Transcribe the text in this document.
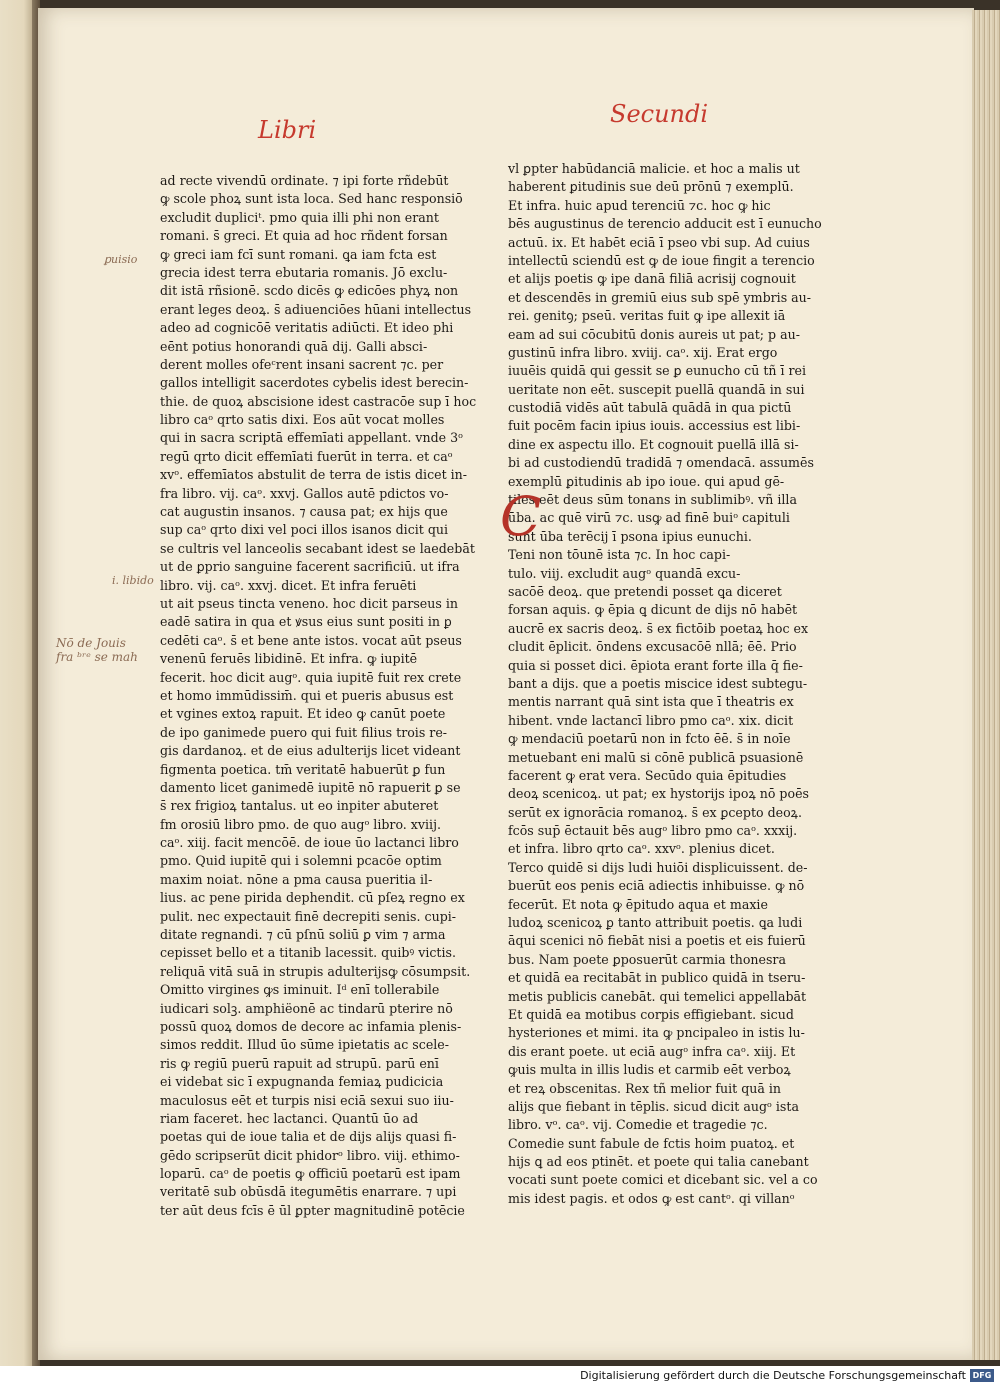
Libri
Secundi
ad recte vivendū ordinate. ⁊ ipi forte rñdebūt
ꝙ scole phoꝝ sunt ista loca. Sed hanc responsiō
excludit dupliciᵗ. pmo quia illi phi non erant
romani. s̄ greci. Et quia ad hoc rñdent forsan
ꝙ greci iam fcī sunt romani. ꝗa iam fcta est
grecia idest terra ebutaria romanis. Jō exclu-
dit istā rñsionē. scdo dicēs ꝙ edicōes phyꝝ non
erant leges deoꝝ. s̄ adiuenciōes hūani intellectus
adeo ad cognicōē veritatis adiūcti. Et ideo phi
eēnt potius honorandi quā dij. Galli absci-
derent molles ofeᶜrent insani sacrent ⁊c. per
gallos intelligit sacerdotes cybelis idest berecin-
thie. de quoꝝ abscisione idest castracōe sup ī hoc
libro caᵒ qrto satis dixi. Eos aūt vocat molles
qui in sacra scriptā effemīati appellant. vnde 3ᵒ
regū qrto dicit effemīati fuerūt in terra. et caᵒ
xvᵒ. effemīatos abstulit de terra de istis dicet in-
fra libro. vij. caᵒ. xxvj. Gallos autē pdictos vo-
cat augustin insanos. ⁊ causa pat; ex hijs que
sup caᵒ qrto dixi vel poci illos isanos dicit qui
se cultris vel lanceolis secabant idest se laedebāt
ut de ꝑprio sanguine facerent sacrificiū. ut ifra
libro. vij. caᵒ. xxvj. dicet. Et infra feruēti
ut ait pseus tincta veneno. hoc dicit parseus in
eadē satira in qua et ꝟsus eius sunt positi in ꝑ
cedēti caᵒ. s̄ et bene ante istos. vocat aūt pseus
venenū feruēs libidinē. Et infra. ꝙ iupitē
fecerit. hoc dicit augᵒ. quia iupitē fuit rex crete
et homo immūdissim̄. qui et pueris abusus est
et vgines extoꝝ rapuit. Et ideo ꝙ canūt poete
de ipo ganimede puero qui fuit filius trois re-
gis dardanoꝝ. et de eius adulterijs licet videant
figmenta poetica. tm̄ veritatē habuerūt ꝑ fun
damento licet ganimedē iupitē nō rapuerit ꝑ se
s̄ rex frigioꝝ tantalus. ut eo inpiter abuteret
fm orosiū libro pmo. de quo augᵒ libro. xviij.
caᵒ. xiij. facit mencōē. de ioue ūo lactanci libro
pmo. Quid iupitē qui i solemni pcacōe optim
maxim noiat. nōne a pma causa pueritia il-
lius. ac pene pirida dephendit. cū pſeꝝ regno ex
pulit. nec expectauit finē decrepiti senis. cupi-
ditate regnandi. ⁊ cū pſnū soliū ꝑ vim ⁊ arma
cepisset bello et a titanib lacessit. quibꝰ victis.
reliquā vitā suā in strupis adulterijsꝙ cōsumpsit.
Omitto virgines ꝙs iminuit. Iᵈ enī tollerabile
iudicari solꝫ. amphiëonē ac tindarū pterire nō
possū quoꝝ domos de decore ac infamia plenis-
simos reddit. Illud ūo sūme ipietatis ac scele-
ris ꝙ regiū puerū rapuit ad strupū. parū enī
ei videbat sic ī expugnanda femiaꝝ pudicicia
maculosus eēt et turpis nisi eciā sexui suo iiu-
riam faceret. hec lactanci. Quantū ūo ad
poetas qui de ioue talia et de dijs alijs quasi fi-
gēdo scripserūt dicit phidorᵒ libro. viij. ethimo-
loparū. caᵒ de poetis ꝙ officiū poetarū est ipam
veritatē sub obūsdā itegumētis enarrare. ⁊ upi
ter aūt deus fcīs ē ūl ꝑpter magnitudinē potēcie
vl ꝑpter habūdanciā malicie. et hoc a malis ut
haberent ꝑitudinis sue deū prōnū ⁊ exemplū.
Et infra. huic apud terenciū ⁊c. hoc ꝙ hic
bēs augustinus de terencio adducit est ī eunucho
actuū. ix. Et habēt eciā ī pseo vbi sup. Ad cuius
intellectū sciendū est ꝙ de ioue fingit a terencio
et alijs poetis ꝙ ipe danā filiā acrisij cognouit
et descendēs in gremiū eius sub spē ymbris au-
rei. genitꝯ; pseū. veritas fuit ꝙ ipe allexit iā
eam ad sui cōcubitū donis aureis ut pat; p au-
gustinū infra libro. xviij. caᵒ. xij. Erat ergo
iuuēis quidā qui gessit se ꝑ eunucho cū tñ ī rei
ueritate non eēt. suscepit puellā quandā in sui
custodiā vidēs aūt tabulā quādā in qua pictū
fuit pocēm facin ipius iouis. accessius est libi-
dine ex aspectu illo. Et cognouit puellā illā si-
bi ad custodiendū tradidā ⁊ omendacā. assumēs
exemplū ꝑitudinis ab ipo ioue. qui apud gē-
tiles eēt deus sūm tonans in sublimibꝰ. vñ illa
ūba. ac quē virū ⁊c. usꝙ ad finē buiᵒ capituli
sunt ūba terēcij ī psona ipius eunuchi.
Teni non tōunē ista ⁊c. In hoc capi-
tulo. viij. excludit augᵒ quandā excu-
sacōē deoꝝ. que pretendi posset ꝗa diceret
forsan aquis. ꝙ ēpia ꝗ dicunt de dijs nō habēt
aucrē ex sacris deoꝝ. s̄ ex fictōib poetaꝝ hoc ex
cludit ēplicit. ōndens excusacōē nllā; ēē. Prio
quia si posset dici. ēpiota erant forte illa q̄ fie-
bant a dijs. que a poetis miscice idest subtegu-
mentis narrant quā sint ista que ī theatris ex
hibent. vnde lactancī libro pmo caᵒ. xix. dicit
ꝙ mendaciū poetarū non in fcto ēē. s̄ in noīe
metuebant eni malū si cōnē publicā psuasionē
facerent ꝙ erat vera. Secūdo quia ēpitudies
deoꝝ scenicoꝝ. ut pat; ex hystorijs ipoꝝ nō poēs
serūt ex ignorācia romanoꝝ. s̄ ex ꝑcepto deoꝝ.
fcōs sup̄ ēctauit bēs augᵒ libro pmo caᵒ. xxxij.
et infra. libro qrto caᵒ. xxvᵒ. plenius dicet.
Terco quidē si dijs ludi huiōi displicuissent. de-
buerūt eos penis eciā adiectis inhibuisse. ꝙ nō
fecerūt. Et nota ꝙ ēpitudo aqua et maxie
ludoꝝ scenicoꝝ ꝑ tanto attribuit poetis. ꝗa ludi
āqui scenici nō fiebāt nisi a poetis et eis fuierū
bus. Nam poete ꝑposuerūt carmia thonesra
et quidā ea recitabāt in publico quidā in tseru-
metis publicis canebāt. qui temelici appellabāt
Et quidā ea motibus corpis effigiebant. sicud
hysteriones et mimi. ita ꝙ pncipaleo in istis lu-
dis erant poete. ut eciā augᵒ infra caᵒ. xiij. Et
ꝙuis multa in illis ludis et carmib eēt verboꝝ
et reꝝ obscenitas. Rex tñ melior fuit quā in
alijs que fiebant in tēplis. sicud dicit augᵒ ista
libro. vᵒ. caᵒ. vij. Comedie et tragedie ⁊c.
Comedie sunt fabule de fctis hoim puatoꝝ. et
hijs ꝗ ad eos ptinēt. et poete qui talia canebant
vocati sunt poete comici et dicebant sic. vel a co
mis idest pagis. et odos ꝙ est cantᵒ. qi villanᵒ
C
ꝑuisio
i. libido
Nō de Jouis fra ᵇʳᵉ se mah
Digitalisierung gefördert durch die Deutsche Forschungsgemeinschaft DFG
